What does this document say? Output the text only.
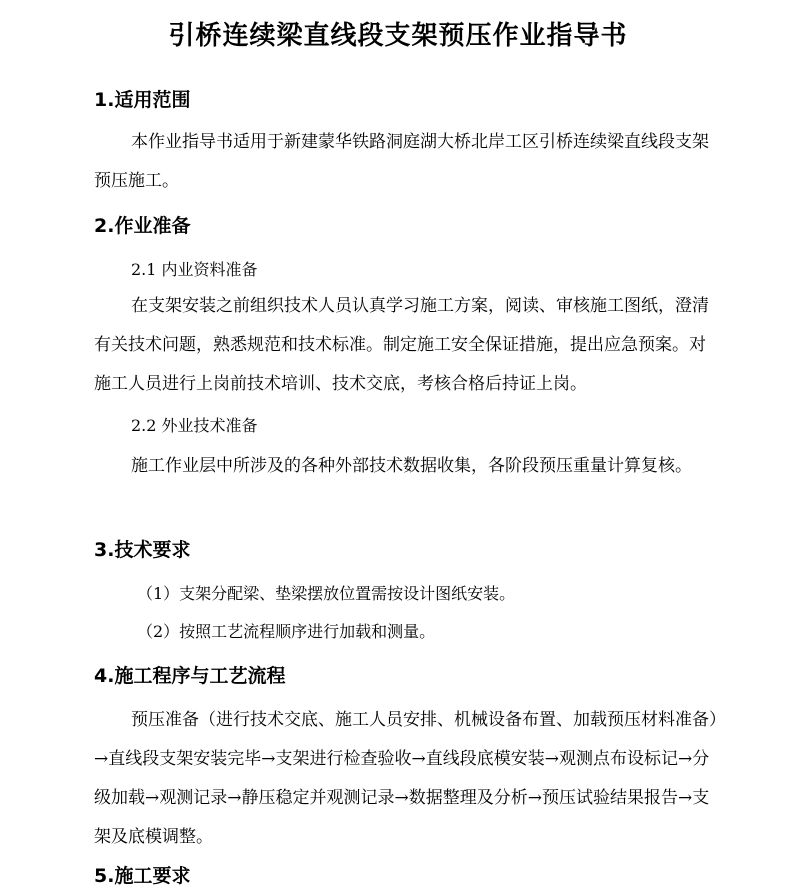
引桥连续梁直线段支架预压作业指导书
1.适用范围

本作业指导书适用于新建蒙华铁路洞庭湖大桥北岸工区引桥连续梁直线段支架预压施工。

2.作业准备
2.1 内业资料准备

在支架安装之前组织技术人员认真学习施工方案，阅读、审核施工图纸，澄清有关技术问题，熟悉规范和技术标准。制定施工安全保证措施，提出应急预案。对施工人员进行上岗前技术培训、技术交底，考核合格后持证上岗。

2.2 外业技术准备

施工作业层中所涉及的各种外部技术数据收集，各阶段预压重量计算复核。

3.技术要求
（1）支架分配梁、垫梁摆放位置需按设计图纸安装。
（2）按照工艺流程顺序进行加载和测量。
4.施工程序与工艺流程

预压准备（进行技术交底、施工人员安排、机械设备布置、加载预压材料准备）→直线段支架安装完毕→支架进行检查验收→直线段底模安装→观测点布设标记→分级加载→观测记录→静压稳定并观测记录→数据整理及分析→预压试验结果报告→支架及底模调整。

5.施工要求
